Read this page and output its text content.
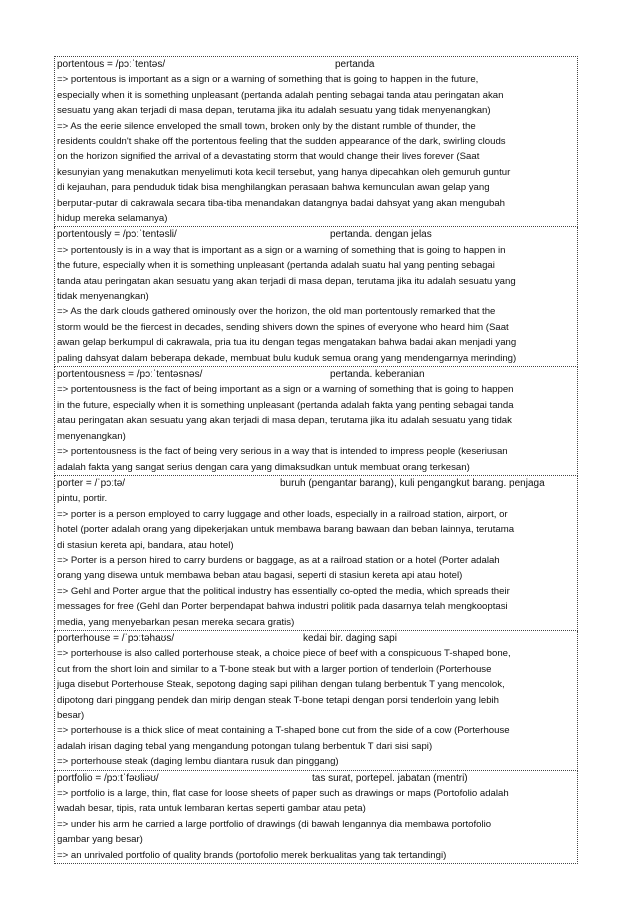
portentous = /pɔːˈtentəs/	pertanda
=> portentous is important as a sign or a warning of something that is going to happen in the future,
especially when it is something unpleasant (pertanda adalah penting sebagai tanda atau peringatan akan
sesuatu yang akan terjadi di masa depan, terutama jika itu adalah sesuatu yang tidak menyenangkan)
=> As the eerie silence enveloped the small town, broken only by the distant rumble of thunder, the
residents couldn't shake off the portentous feeling that the sudden appearance of the dark, swirling clouds
on the horizon signified the arrival of a devastating storm that would change their lives forever (Saat
kesunyian yang menakutkan menyelimuti kota kecil tersebut, yang hanya dipecahkan oleh gemuruh guntur
di kejauhan, para penduduk tidak bisa menghilangkan perasaan bahwa kemunculan awan gelap yang
berputar-putar di cakrawala secara tiba-tiba menandakan datangnya badai dahsyat yang akan mengubah
hidup mereka selamanya)
portentously = /pɔːˈtentəsli/	pertanda. dengan jelas
=> portentously is in a way that is important as a sign or a warning of something that is going to happen in
the future, especially when it is something unpleasant (pertanda adalah suatu hal yang penting sebagai
tanda atau peringatan akan sesuatu yang akan terjadi di masa depan, terutama jika itu adalah sesuatu yang
tidak menyenangkan)
=> As the dark clouds gathered ominously over the horizon, the old man portentously remarked that the
storm would be the fiercest in decades, sending shivers down the spines of everyone who heard him (Saat
awan gelap berkumpul di cakrawala, pria tua itu dengan tegas mengatakan bahwa badai akan menjadi yang
paling dahsyat dalam beberapa dekade, membuat bulu kuduk semua orang yang mendengarnya merinding)
portentousness = /pɔːˈtentəsnəs/	pertanda. keberanian
=> portentousness is the fact of being important as a sign or a warning of something that is going to happen
in the future, especially when it is something unpleasant (pertanda adalah fakta yang penting sebagai tanda
atau peringatan akan sesuatu yang akan terjadi di masa depan, terutama jika itu adalah sesuatu yang tidak
menyenangkan)
=> portentousness is the fact of being very serious in a way that is intended to impress people (keseriusan
adalah fakta yang sangat serius dengan cara yang dimaksudkan untuk membuat orang terkesan)
porter = /ˈpɔːtə/	buruh (pengantar barang), kuli pengangkut barang. penjaga
pintu, portir.
=> porter is a person employed to carry luggage and other loads, especially in a railroad station, airport, or
hotel (porter adalah orang yang dipekerjakan untuk membawa barang bawaan dan beban lainnya, terutama
di stasiun kereta api, bandara, atau hotel)
=> Porter is a person hired to carry burdens or baggage, as at a railroad station or a hotel (Porter adalah
orang yang disewa untuk membawa beban atau bagasi, seperti di stasiun kereta api atau hotel)
=> Gehl and Porter argue that the political industry has essentially co-opted the media, which spreads their
messages for free (Gehl dan Porter berpendapat bahwa industri politik pada dasarnya telah mengkooptasi
media, yang menyebarkan pesan mereka secara gratis)
porterhouse = /ˈpɔːtəhaʊs/	kedai bir. daging sapi
=> porterhouse is also called porterhouse steak, a choice piece of beef with a conspicuous T-shaped bone,
cut from the short loin and similar to a T-bone steak but with a larger portion of tenderloin (Porterhouse
juga disebut Porterhouse Steak, sepotong daging sapi pilihan dengan tulang berbentuk T yang mencolok,
dipotong dari pinggang pendek dan mirip dengan steak T-bone tetapi dengan porsi tenderloin yang lebih
besar)
=> porterhouse is a thick slice of meat containing a T-shaped bone cut from the side of a cow (Porterhouse
adalah irisan daging tebal yang mengandung potongan tulang berbentuk T dari sisi sapi)
=> porterhouse steak (daging lembu diantara rusuk dan pinggang)
portfolio = /pɔːtˈfəʊliəʊ/	tas surat, portepel. jabatan (mentri)
=> portfolio is a large, thin, flat case for loose sheets of paper such as drawings or maps (Portofolio adalah
wadah besar, tipis, rata untuk lembaran kertas seperti gambar atau peta)
=> under his arm he carried a large portfolio of drawings (di bawah lengannya dia membawa portofolio
gambar yang besar)
=> an unrivaled portfolio of quality brands (portofolio merek berkualitas yang tak tertandingi)
